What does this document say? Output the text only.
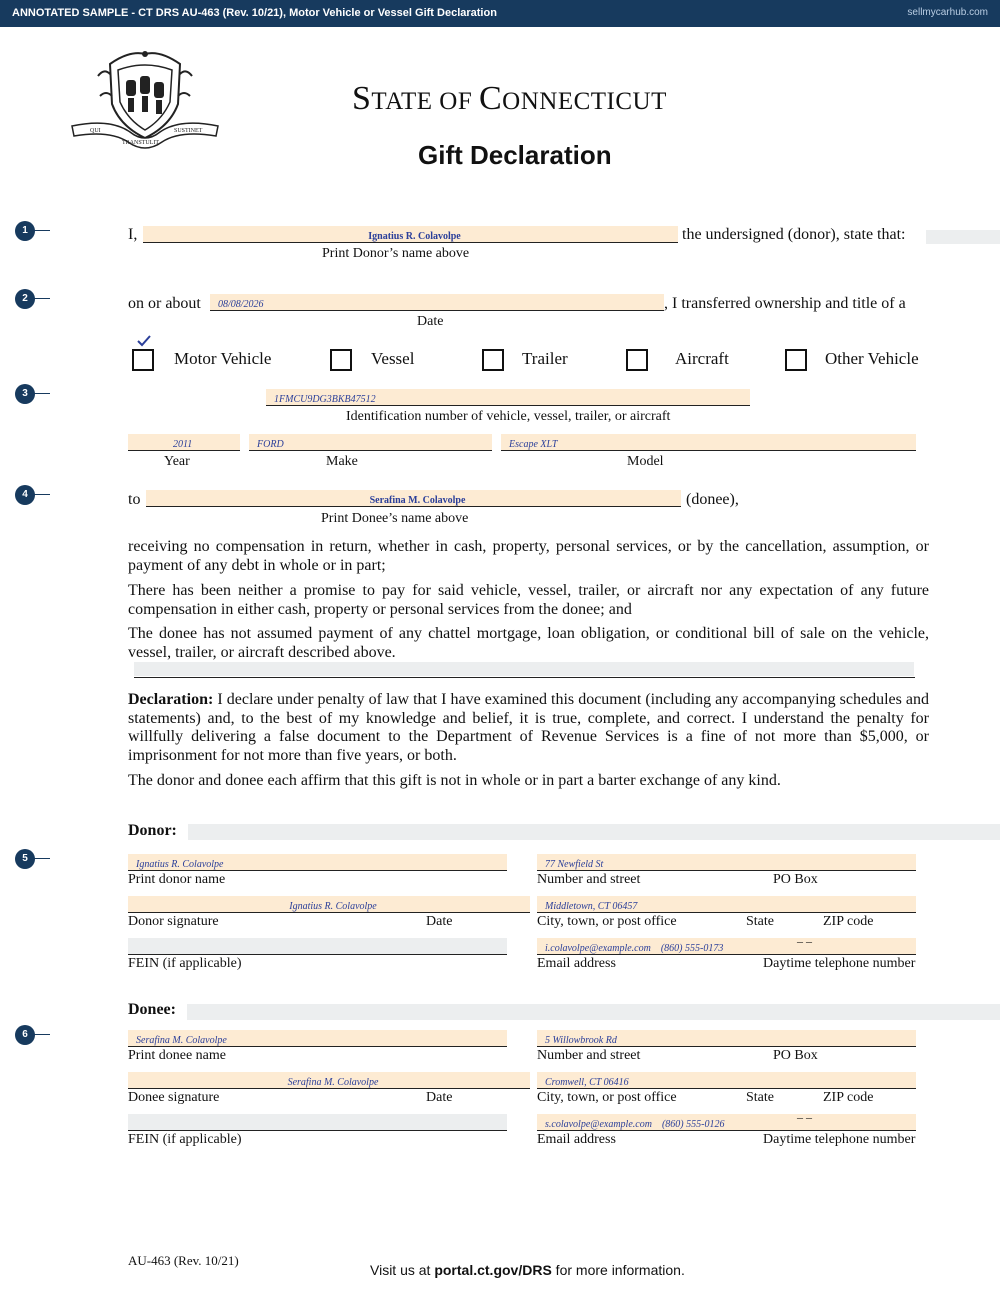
ANNOTATED SAMPLE - CT DRS AU-463 (Rev. 10/21), Motor Vehicle or Vessel Gift Declaration	sellmycarhub.com
QUI
TRANSTULIT
SUSTINET
STATE OF CONNECTICUT
Gift Declaration
1
2
3
4
5
6
I,	Ignatius R. Colavolpe	the undersigned (donor), state that:
Print Donor’s name above
on or about	08/08/2026	, I transferred ownership and title of a
Date
Motor Vehicle	Vessel	Trailer	Aircraft	Other Vehicle
1FMCU9DG3BKB47512
Identification number of vehicle, vessel, trailer, or aircraft
2011
Year
FORD
Make
Escape XLT
Model
to	Serafina M. Colavolpe	(donee),
Print Donee’s name above
receiving no compensation in return, whether in cash, property, personal services, or by the cancellation, assumption, or payment of any debt in whole or in part;
There has been neither a promise to pay for said vehicle, vessel, trailer, or aircraft nor any expectation of any future compensation in either cash, property or personal services from the donee; and
The donee has not assumed payment of any chattel mortgage, loan obligation, or conditional bill of sale on the vehicle, vessel, trailer, or aircraft described above.
Declaration: I declare under penalty of law that I have examined this document (including any accompanying schedules and statements) and, to the best of my knowledge and belief, it is true, complete, and correct. I understand the penalty for willfully delivering a false document to the Department of Revenue Services is a fine of not more than $5,000, or imprisonment for not more than five years, or both.
The donor and donee each affirm that this gift is not in whole or in part a barter exchange of any kind.
Donor:
Ignatius R. Colavolpe
Print donor name
77 Newfield St
Number and street	PO Box
Ignatius R. Colavolpe
Donor signature	Date
Middletown, CT 06457
City, town, or post office	State	ZIP code
FEIN (if applicable)
i.colavolpe@example.com (860) 555-0173
– –
Email address	Daytime telephone number
Donee:
Serafina M. Colavolpe
Print donee name
5 Willowbrook Rd
Number and street	PO Box
Serafina M. Colavolpe
Donee signature	Date
Cromwell, CT 06416
City, town, or post office	State	ZIP code
FEIN (if applicable)
s.colavolpe@example.com (860) 555-0126
– –
Email address	Daytime telephone number
AU-463 (Rev. 10/21)
Visit us at portal.ct.gov/DRS for more information.
